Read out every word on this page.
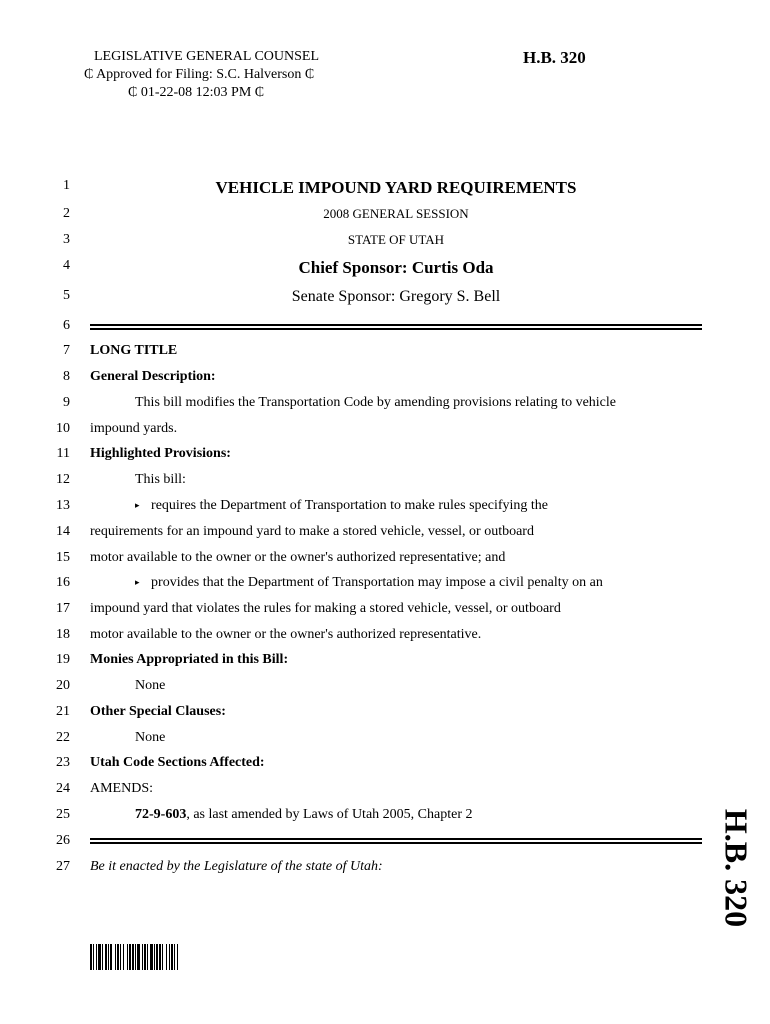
LEGISLATIVE GENERAL COUNSEL
₵ Approved for Filing: S.C. Halverson ₵
₵ 01-22-08 12:03 PM ₵
H.B. 320
1
2
3
4
5
6
7
8
9
10
11
12
13
14
15
16
17
18
19
20
21
22
23
24
25
26
27
VEHICLE IMPOUND YARD REQUIREMENTS
2008 GENERAL SESSION
STATE OF UTAH
Chief Sponsor: Curtis Oda
Senate Sponsor: Gregory S. Bell
LONG TITLE
General Description:
This bill modifies the Transportation Code by amending provisions relating to vehicle
impound yards.
Highlighted Provisions:
This bill:
▸ requires the Department of Transportation to make rules specifying the
requirements for an impound yard to make a stored vehicle, vessel, or outboard
motor available to the owner or the owner's authorized representative; and
▸ provides that the Department of Transportation may impose a civil penalty on an
impound yard that violates the rules for making a stored vehicle, vessel, or outboard
motor available to the owner or the owner's authorized representative.
Monies Appropriated in this Bill:
None
Other Special Clauses:
None
Utah Code Sections Affected:
AMENDS:
72-9-603, as last amended by Laws of Utah 2005, Chapter 2
Be it enacted by the Legislature of the state of Utah:	H.B. 320
